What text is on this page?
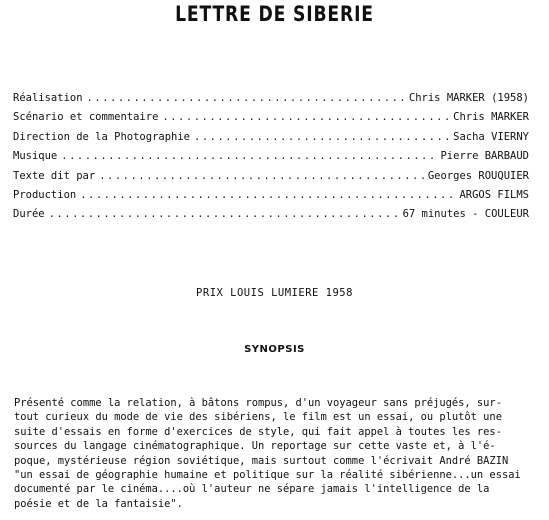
LETTRE DE SIBERIE
Réalisation .....	Chris MARKER (1958)
Scénario et commentaire .....	Chris MARKER
Direction de la Photographie .....	Sacha VIERNY
Musique .....	Pierre BARBAUD
Texte dit par .....	Georges ROUQUIER
Production .....	ARGOS FILMS
Durée .....	67 minutes - COULEUR
PRIX LOUIS LUMIERE 1958
SYNOPSIS
Présenté comme la relation, à bâtons rompus, d'un voyageur sans préjugés, sur-
tout curieux du mode de vie des sibériens, le film est un essai, ou plutôt une
suite d'essais en forme d'exercices de style, qui fait appel à toutes les res-
sources du langage cinématographique. Un reportage sur cette vaste et, à l'é-
poque, mystérieuse région soviétique, mais surtout comme l'écrivait André BAZIN
"un essai de géographie humaine et politique sur la réalité sibérienne...un essai
documenté par le cinéma....où l'auteur ne sépare jamais l'intelligence de la
poésie et de la fantaisie".
